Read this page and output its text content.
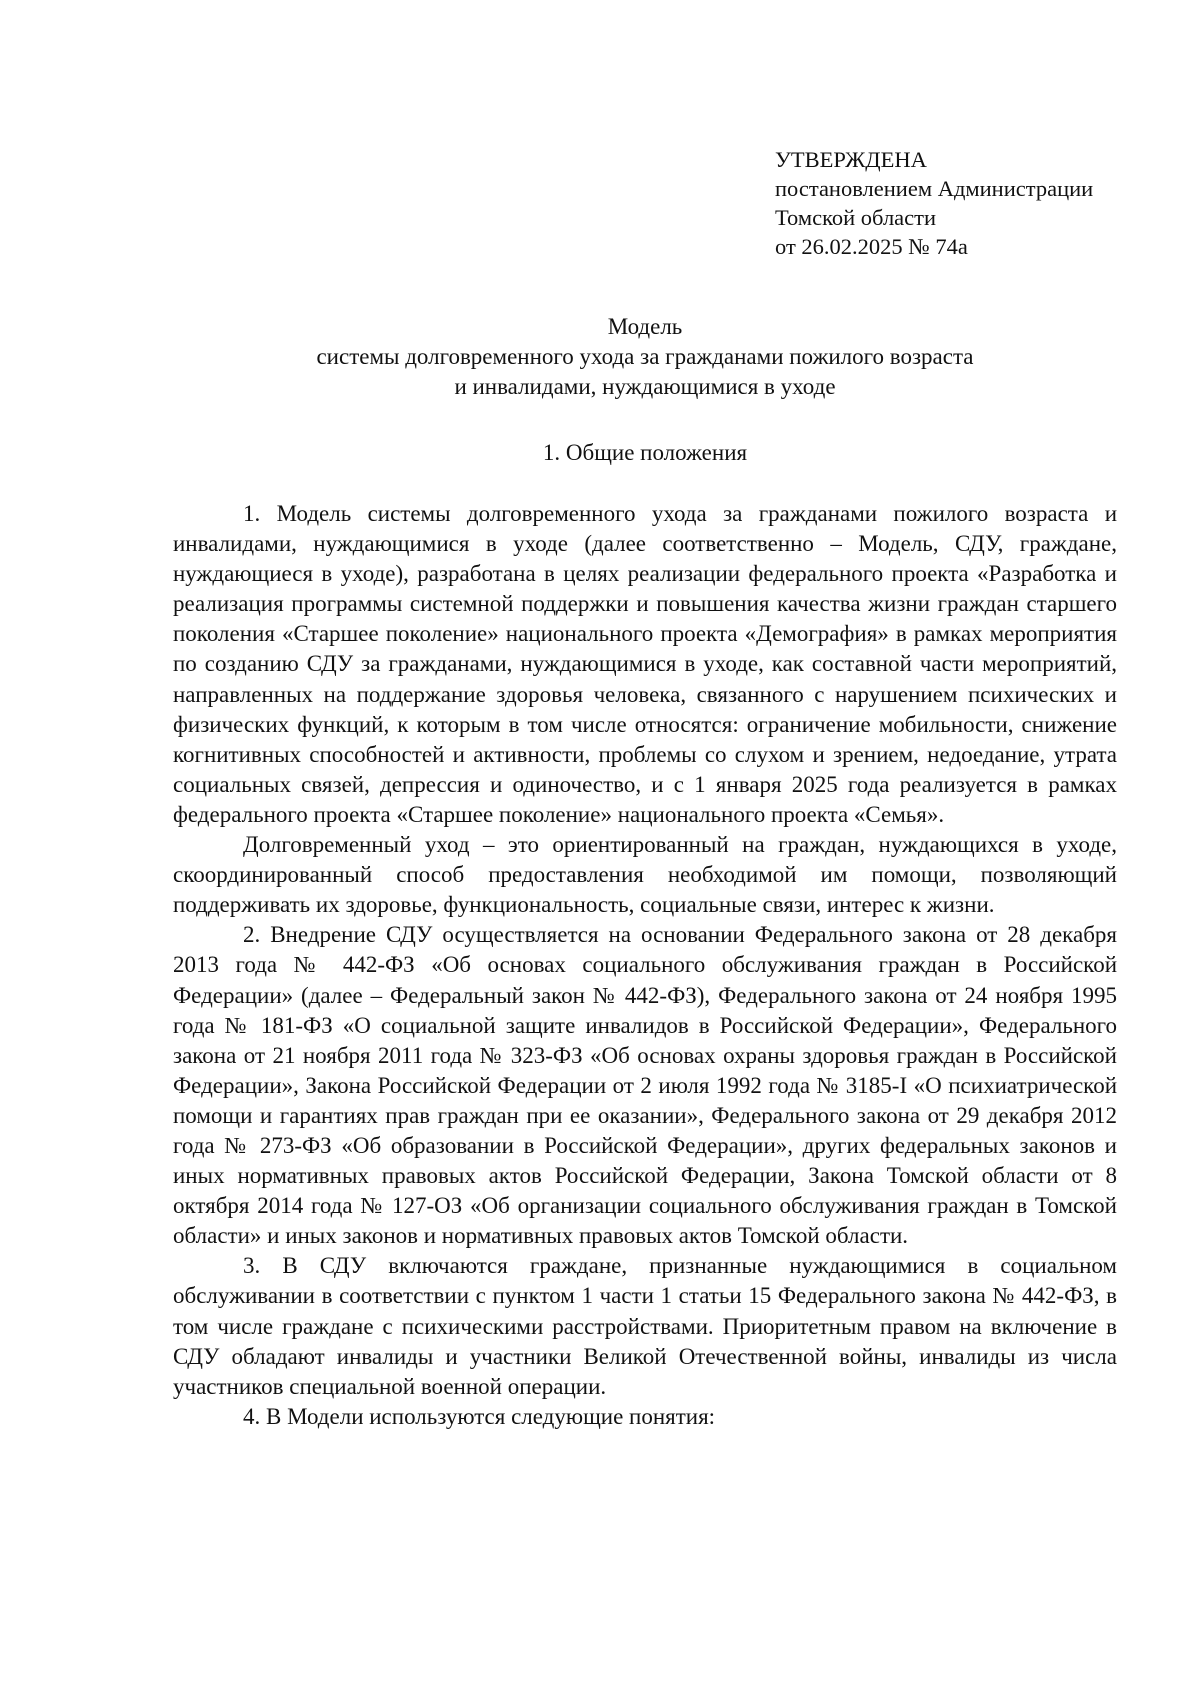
УТВЕРЖДЕНА
постановлением Администрации
Томской области
от 26.02.2025 № 74а
Модель
системы долговременного ухода за гражданами пожилого возраста
и инвалидами, нуждающимися в уходе
1. Общие положения

1. Модель системы долговременного ухода за гражданами пожилого возраста и инвалидами, нуждающимися в уходе (далее соответственно – Модель, СДУ, граждане, нуждающиеся в уходе), разработана в целях реализации федерального проекта «Разработка и реализация программы системной поддержки и повышения качества жизни граждан старшего поколения «Старшее поколение» национального проекта «Демография» в рамках мероприятия по созданию СДУ за гражданами, нуждающимися в уходе, как составной части мероприятий, направленных на поддержание здоровья человека, связанного с нарушением психических и физических функций, к которым в том числе относятся: ограничение мобильности, снижение когнитивных способностей и активности, проблемы со слухом и зрением, недоедание, утрата социальных связей, депрессия и одиночество, и с 1 января 2025 года реализуется в рамках федерального проекта «Старшее поколение» национального проекта «Семья».

Долговременный уход – это ориентированный на граждан, нуждающихся в уходе, скоординированный способ предоставления необходимой им помощи, позволяющий поддерживать их здоровье, функциональность, социальные связи, интерес к жизни.

2. Внедрение СДУ осуществляется на основании Федерального закона от 28 декабря 2013 года № 442-ФЗ «Об основах социального обслуживания граждан в Российской Федерации» (далее – Федеральный закон № 442-ФЗ), Федерального закона от 24 ноября 1995 года № 181-ФЗ «О социальной защите инвалидов в Российской Федерации», Федерального закона от 21 ноября 2011 года № 323-ФЗ «Об основах охраны здоровья граждан в Российской Федерации», Закона Российской Федерации от 2 июля 1992 года № 3185-I «О психиатрической помощи и гарантиях прав граждан при ее оказании», Федерального закона от 29 декабря 2012 года № 273-ФЗ «Об образовании в Российской Федерации», других федеральных законов и иных нормативных правовых актов Российской Федерации, Закона Томской области от 8 октября 2014 года № 127-ОЗ «Об организации социального обслуживания граждан в Томской области» и иных законов и нормативных правовых актов Томской области.

3. В СДУ включаются граждане, признанные нуждающимися в социальном обслуживании в соответствии с пунктом 1 части 1 статьи 15 Федерального закона № 442-ФЗ, в том числе граждане с психическими расстройствами. Приоритетным правом на включение в СДУ обладают инвалиды и участники Великой Отечественной войны, инвалиды из числа участников специальной военной операции.

4. В Модели используются следующие понятия:
